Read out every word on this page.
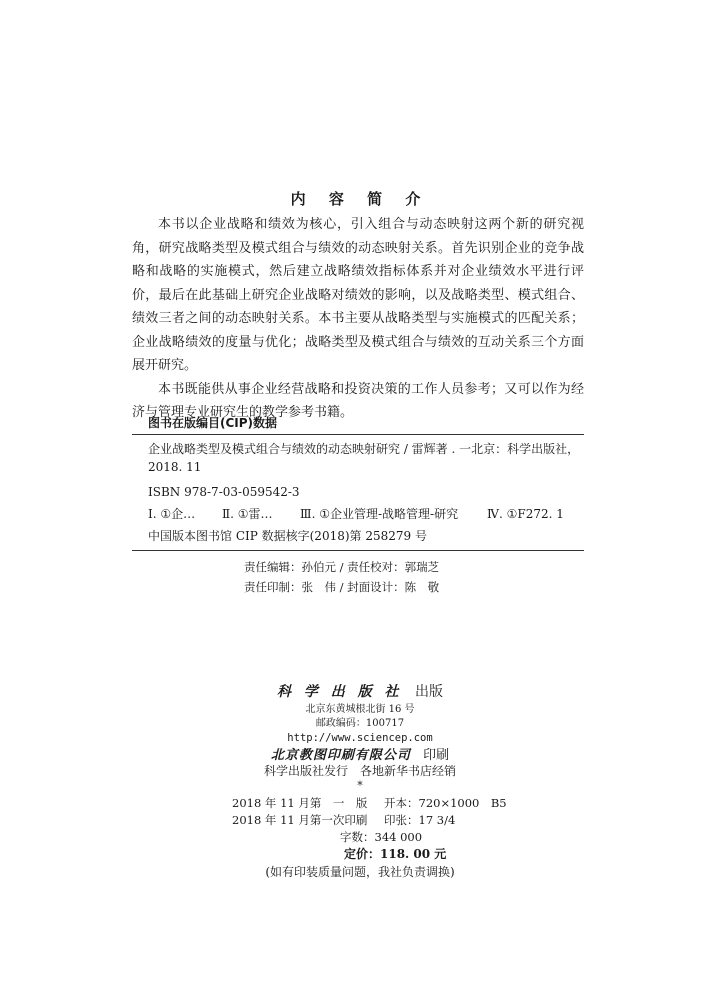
内 容 简 介

本书以企业战略和绩效为核心，引入组合与动态映射这两个新的研究视角，研究战略类型及模式组合与绩效的动态映射关系。首先识别企业的竞争战略和战略的实施模式，然后建立战略绩效指标体系并对企业绩效水平进行评价，最后在此基础上研究企业战略对绩效的影响，以及战略类型、模式组合、绩效三者之间的动态映射关系。本书主要从战略类型与实施模式的匹配关系；企业战略绩效的度量与优化；战略类型及模式组合与绩效的互动关系三个方面展开研究。

本书既能供从事企业经营战略和投资决策的工作人员参考；又可以作为经济与管理专业研究生的教学参考书籍。

图书在版编目(CIP)数据

企业战略类型及模式组合与绩效的动态映射研究 / 雷辉著 . 一北京：科学出版社，

2018. 11

ISBN 978-7-03-059542-3

Ⅰ. ①企… Ⅱ. ①雷… Ⅲ. ①企业管理-战略管理-研究 Ⅳ. ①F272. 1

中国版本图书馆 CIP 数据核字(2018)第 258279 号

责任编辑：孙伯元 / 责任校对：郭瑞芝
责任印制：张　伟 / 封面设计：陈　敬
科 学 出 版 社 出版
北京东黄城根北街 16 号
邮政编码：100717
http://www.sciencep.com
北京教图印刷有限公司 印刷
科学出版社发行　各地新华书店经销
*
2018 年 11 月第　一　版 开本：720×1000　B5
2018 年 11 月第一次印刷 印张：17 3/4
字数：344 000
定价：118. 00 元
(如有印装质量问题，我社负责调换)
